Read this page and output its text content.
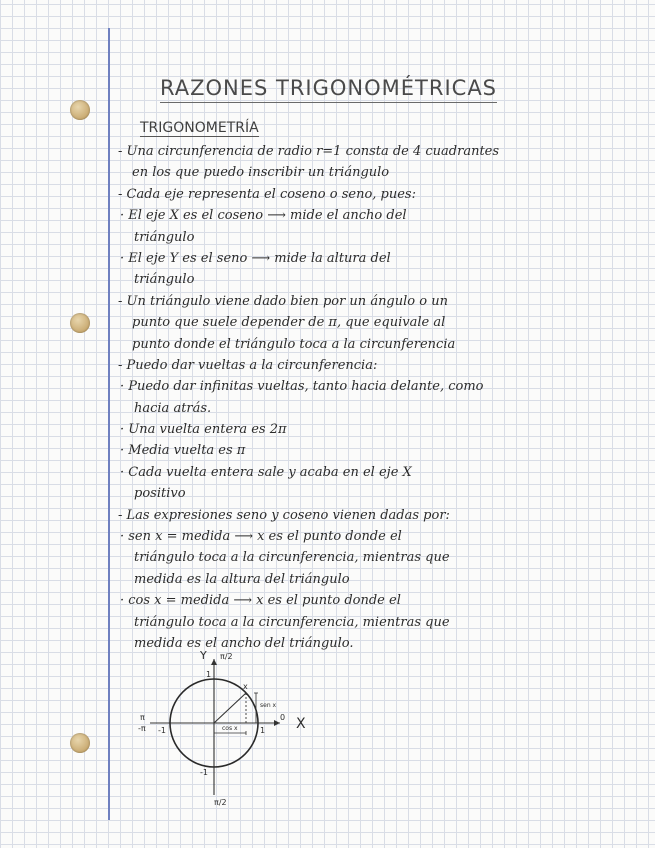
RAZONES TRIGONOMÉTRICAS
TRIGONOMETRÍA
- Una circunferencia de radio r=1 consta de 4 cuadrantes
en los que puedo inscribir un triángulo
- Cada eje representa el coseno o seno, pues:
· El eje X es el coseno ⟶ mide el ancho del
triángulo
· El eje Y es el seno ⟶ mide la altura del
triángulo
- Un triángulo viene dado bien por un ángulo o un
punto que suele depender de π, que equivale al
punto donde el triángulo toca a la circunferencia
- Puedo dar vueltas a la circunferencia:
· Puedo dar infinitas vueltas, tanto hacia delante, como
hacia atrás.
· Una vuelta entera es 2π
· Media vuelta es π
· Cada vuelta entera sale y acaba en el eje X
positivo
- Las expresiones seno y coseno vienen dadas por:
· sen x = medida ⟶ x es el punto donde el
triángulo toca a la circunferencia, mientras que
medida es la altura del triángulo
· cos x = medida ⟶ x es el punto donde el
triángulo toca a la circunferencia, mientras que
medida es el ancho del triángulo.
Y
X
π/2
π/2
π
-π
0
1
-1
1
-1
x
sen x
cos x
